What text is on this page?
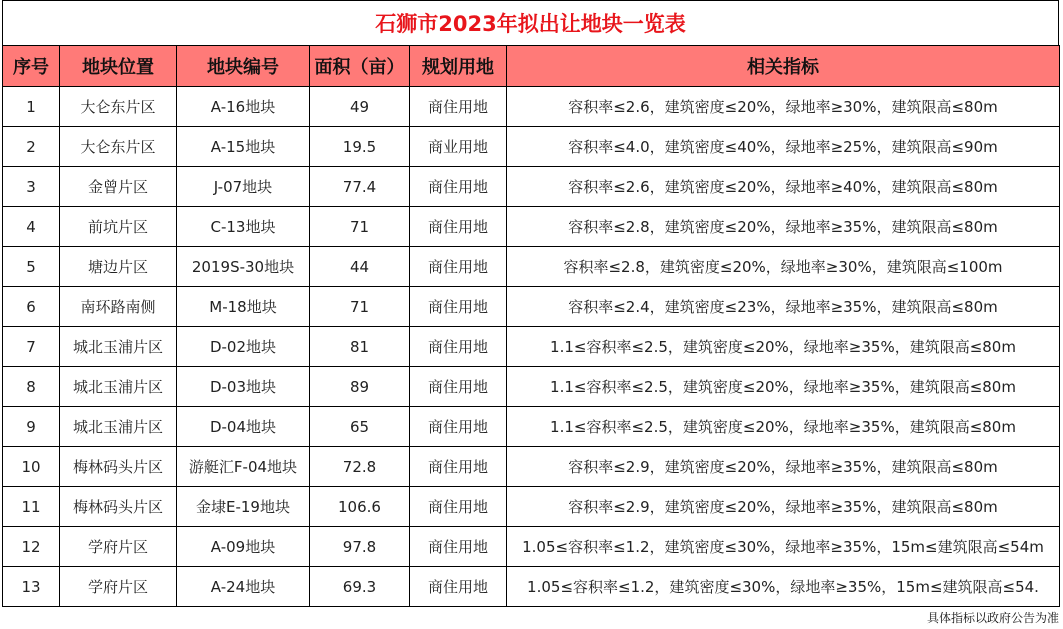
石狮市2023年拟出让地块一览表
序号	地块位置	地块编号	面积（亩）	规划用地	相关指标
1	大仑东片区	A-16地块	49	商住用地	容积率≤2.6，建筑密度≤20%，绿地率≥30%，建筑限高≤80m
2	大仑东片区	A-15地块	19.5	商业用地	容积率≤4.0，建筑密度≤40%，绿地率≥25%，建筑限高≤90m
3	金曾片区	J-07地块	77.4	商住用地	容积率≤2.6，建筑密度≤20%，绿地率≥40%，建筑限高≤80m
4	前坑片区	C-13地块	71	商住用地	容积率≤2.8，建筑密度≤20%，绿地率≥35%，建筑限高≤80m
5	塘边片区	2019S-30地块	44	商住用地	容积率≤2.8，建筑密度≤20%，绿地率≥30%，建筑限高≤100m
6	南环路南侧	M-18地块	71	商住用地	容积率≤2.4，建筑密度≤23%，绿地率≥35%，建筑限高≤80m
7	城北玉浦片区	D-02地块	81	商住用地	1.1≤容积率≤2.5，建筑密度≤20%，绿地率≥35%，建筑限高≤80m
8	城北玉浦片区	D-03地块	89	商住用地	1.1≤容积率≤2.5，建筑密度≤20%，绿地率≥35%，建筑限高≤80m
9	城北玉浦片区	D-04地块	65	商住用地	1.1≤容积率≤2.5，建筑密度≤20%，绿地率≥35%，建筑限高≤80m
10	梅林码头片区	游艇汇F-04地块	72.8	商住用地	容积率≤2.9，建筑密度≤20%，绿地率≥35%，建筑限高≤80m
11	梅林码头片区	金埭E-19地块	106.6	商住用地	容积率≤2.9，建筑密度≤20%，绿地率≥35%，建筑限高≤80m
12	学府片区	A-09地块	97.8	商住用地	1.05≤容积率≤1.2，建筑密度≤30%，绿地率≥35%，15m≤建筑限高≤54m
13	学府片区	A-24地块	69.3	商住用地	1.05≤容积率≤1.2，建筑密度≤30%，绿地率≥35%，15m≤建筑限高≤54.
具体指标以政府公告为准
